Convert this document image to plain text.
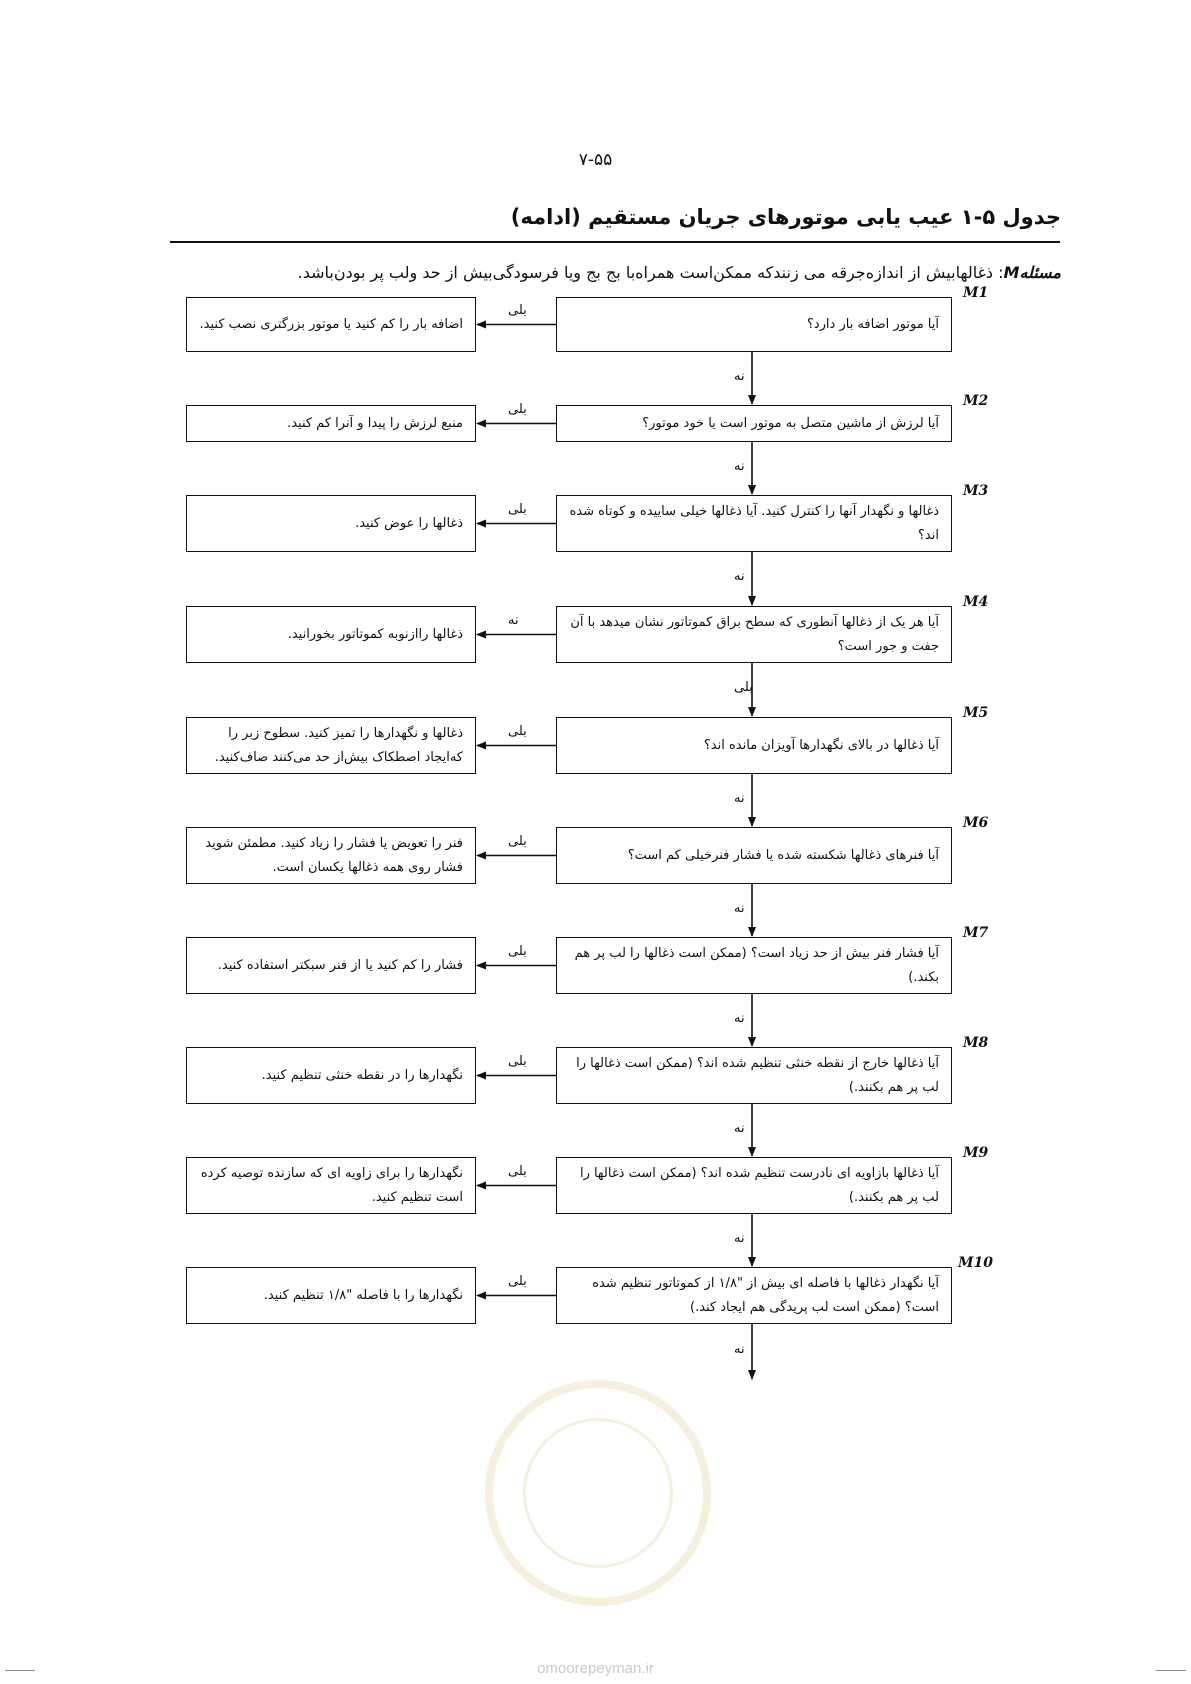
۷-۵۵
جدول ۵-۱ عیب یابی موتورهای جریان مستقیم (ادامه)
مسئلهM: ذغالهابیش از اندازه‌جرقه می زنندکه ممکن‌است همراه‌با بج بج و‌یا فرسودگی‌بیش از حد ولب پر بودن‌باشد.
M1
آیا موتور اضافه بار دارد؟
اضافه بار را کم کنید یا موتور بزرگتری نصب کنید.
بلی
نه
M2
آیا لرزش از ماشین متصل به موتور است یا خود موتور؟
منبع لرزش را پیدا و آنرا کم کنید.
بلی
نه
M3
ذغالها و نگهدار آنها را کنترل کنید. آیا ذغالها خیلی ساییده و کوتاه شده اند؟
ذغالها را عوض کنید.
بلی
نه
M4
آیا هر یک از ذغالها آنطوری که سطح براق کموتاتور نشان میدهد با آن جفت و جور است؟
ذغالها را‌ازنوبه کموتاتور بخورانید.
نه
بلی
M5
آیا ذغالها در بالای نگهدارها آویزان مانده اند؟
ذغالها و نگهدارها را تمیز کنید. سطوح زبر را که‌ایجاد اصطکاک بیش‌از حد می‌کنند صاف‌کنید.
بلی
نه
M6
آیا فنرهای ذغالها شکسته شده یا فشار فنرخیلی کم است؟
فنر را تعویض یا فشار را زیاد کنید. مطمئن شوید فشار روی همه ذغالها یکسان است.
بلی
نه
M7
آیا فشار فنر بیش از حد زیاد است؟ (ممکن است ذغالها را لب پر هم بکند.)
فشار را کم کنید یا از فنر سبکتر استفاده کنید.
بلی
نه
M8
آیا ذغالها خارج از نقطه خنثی تنظیم شده اند؟ (ممکن است ذغالها را لب پر هم بکنند.)
نگهدارها را در نقطه خنثی تنظیم کنید.
بلی
نه
M9
آیا ذغالها بازاویه ای نادرست تنظیم شده اند؟ (ممکن است ذغالها را لب پر هم بکنند.)
نگهدارها را برای زاویه ای که سازنده توصیه کرده است تنظیم کنید.
بلی
نه
M10
آیا نگهدار ذغالها با فاصله ای بیش از "۱/۸ از کموتاتور تنظیم شده است؟ (ممکن است لب پریدگی هم ایجاد کند.)
نگهدارها را با فاصله "۱/۸ تنظیم کنید.
بلی
نه
omoorepeyman.ir
